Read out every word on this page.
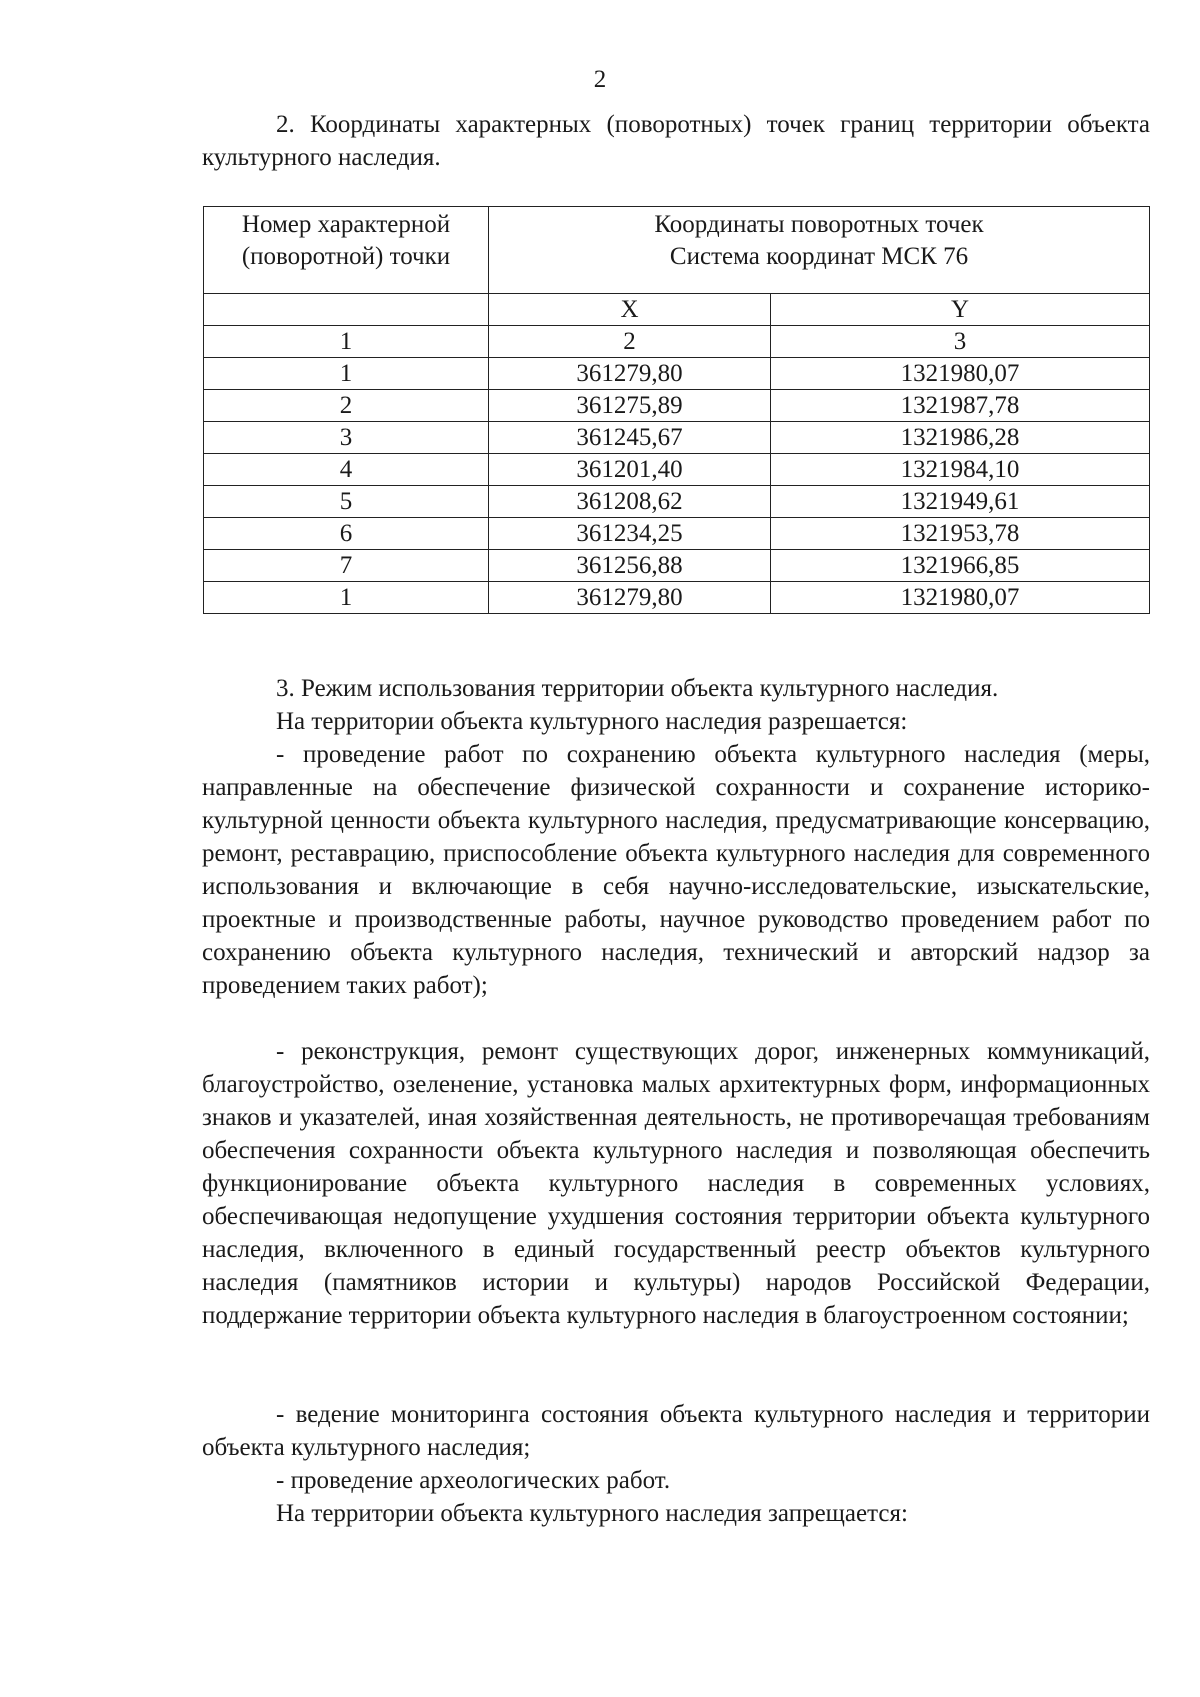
2

2. Координаты характерных (поворотных) точек границ территории объекта культурного наследия.

Номер характерной (поворотной) точки	Координаты поворотных точек
Система координат МСК 76	

	X	Y
1	2	3
1	361279,80	1321980,07
2	361275,89	1321987,78
3	361245,67	1321986,28
4	361201,40	1321984,10
5	361208,62	1321949,61
6	361234,25	1321953,78
7	361256,88	1321966,85
1	361279,80	1321980,07

3. Режим использования территории объекта культурного наследия.

На территории объекта культурного наследия разрешается:

- проведение работ по сохранению объекта культурного наследия (меры, направленные на обеспечение физической сохранности и сохранение историко-культурной ценности объекта культурного наследия, предусматривающие консервацию, ремонт, реставрацию, приспособление объекта культурного наследия для современного использования и включающие в себя научно-исследовательские, изыскательские, проектные и производственные работы, научное руководство проведением работ по сохранению объекта культурного наследия, технический и авторский надзор за проведением таких работ);

- реконструкция, ремонт существующих дорог, инженерных коммуникаций, благоустройство, озеленение, установка малых архитектурных форм, информационных знаков и указателей, иная хозяйственная деятельность, не противоречащая требованиям обеспечения сохранности объекта культурного наследия и позволяющая обеспечить функционирование объекта культурного наследия в современных условиях, обеспечивающая недопущение ухудшения состояния территории объекта культурного наследия, включенного в единый государственный реестр объектов культурного наследия (памятников истории и культуры) народов Российской Федерации, поддержание территории объекта культурного наследия в благоустроенном состоянии;

- ведение мониторинга состояния объекта культурного наследия и территории объекта культурного наследия;

- проведение археологических работ.

На территории объекта культурного наследия запрещается:
